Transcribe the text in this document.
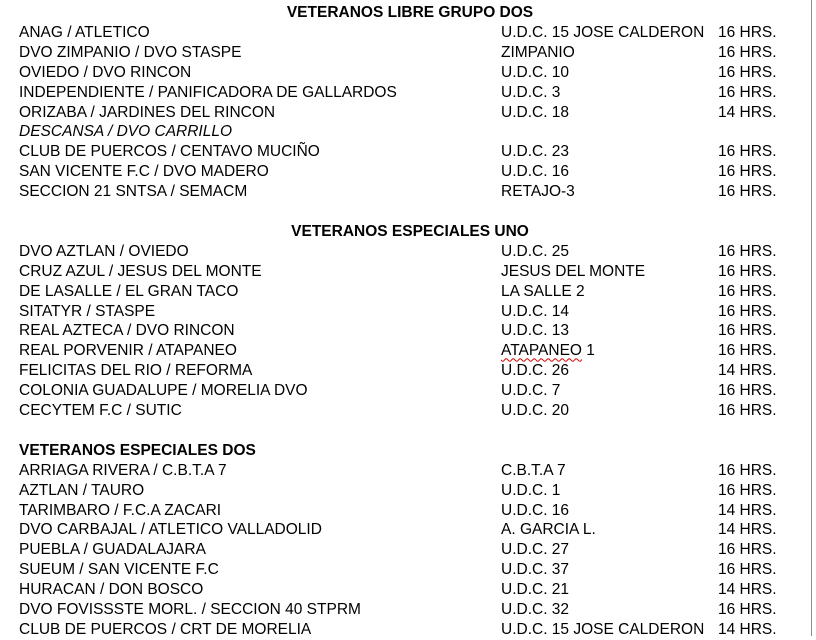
VETERANOS LIBRE GRUPO DOS
ANAG / ATLETICO	U.D.C. 15 JOSE CALDERON 16 HRS.
DVO ZIMPANIO / DVO STASPE	ZIMPANIO	16 HRS.
OVIEDO / DVO RINCON	U.D.C. 10	16 HRS.
INDEPENDIENTE / PANIFICADORA DE GALLARDOS	U.D.C. 3	16 HRS.
ORIZABA / JARDINES DEL RINCON	U.D.C. 18	14 HRS.
DESCANSA / DVO CARRILLO
CLUB DE PUERCOS / CENTAVO MUCIÑO	U.D.C. 23	16 HRS.
SAN VICENTE F.C / DVO MADERO	U.D.C. 16	16 HRS.
SECCION 21 SNTSA / SEMACM	RETAJO-3	16 HRS.
VETERANOS ESPECIALES UNO
DVO AZTLAN / OVIEDO	U.D.C. 25	16 HRS.
CRUZ AZUL / JESUS DEL MONTE	JESUS DEL MONTE	16 HRS.
DE LASALLE / EL GRAN TACO	LA SALLE 2	16 HRS.
SITATYR / STASPE	U.D.C. 14	16 HRS.
REAL AZTECA / DVO RINCON	U.D.C. 13	16 HRS.
REAL PORVENIR / ATAPANEO	ATAPANEO 1	16 HRS.
FELICITAS DEL RIO / REFORMA	U.D.C. 26	14 HRS.
COLONIA GUADALUPE / MORELIA DVO	U.D.C. 7	16 HRS.
CECYTEM F.C / SUTIC	U.D.C. 20	16 HRS.
VETERANOS ESPECIALES DOS
ARRIAGA RIVERA / C.B.T.A 7	C.B.T.A 7	16 HRS.
AZTLAN / TAURO	U.D.C. 1	16 HRS.
TARIMBARO / F.C.A ZACARI	U.D.C. 16	14 HRS.
DVO CARBAJAL / ATLETICO VALLADOLID	A. GARCIA L.	14 HRS.
PUEBLA / GUADALAJARA	U.D.C. 27	16 HRS.
SUEUM / SAN VICENTE F.C	U.D.C. 37	16 HRS.
HURACAN / DON BOSCO	U.D.C. 21	14 HRS.
DVO FOVISSSTE MORL. / SECCION 40 STPRM	U.D.C. 32	16 HRS.
CLUB DE PUERCOS / CRT DE MORELIA	U.D.C. 15 JOSE CALDERON 14 HRS.
